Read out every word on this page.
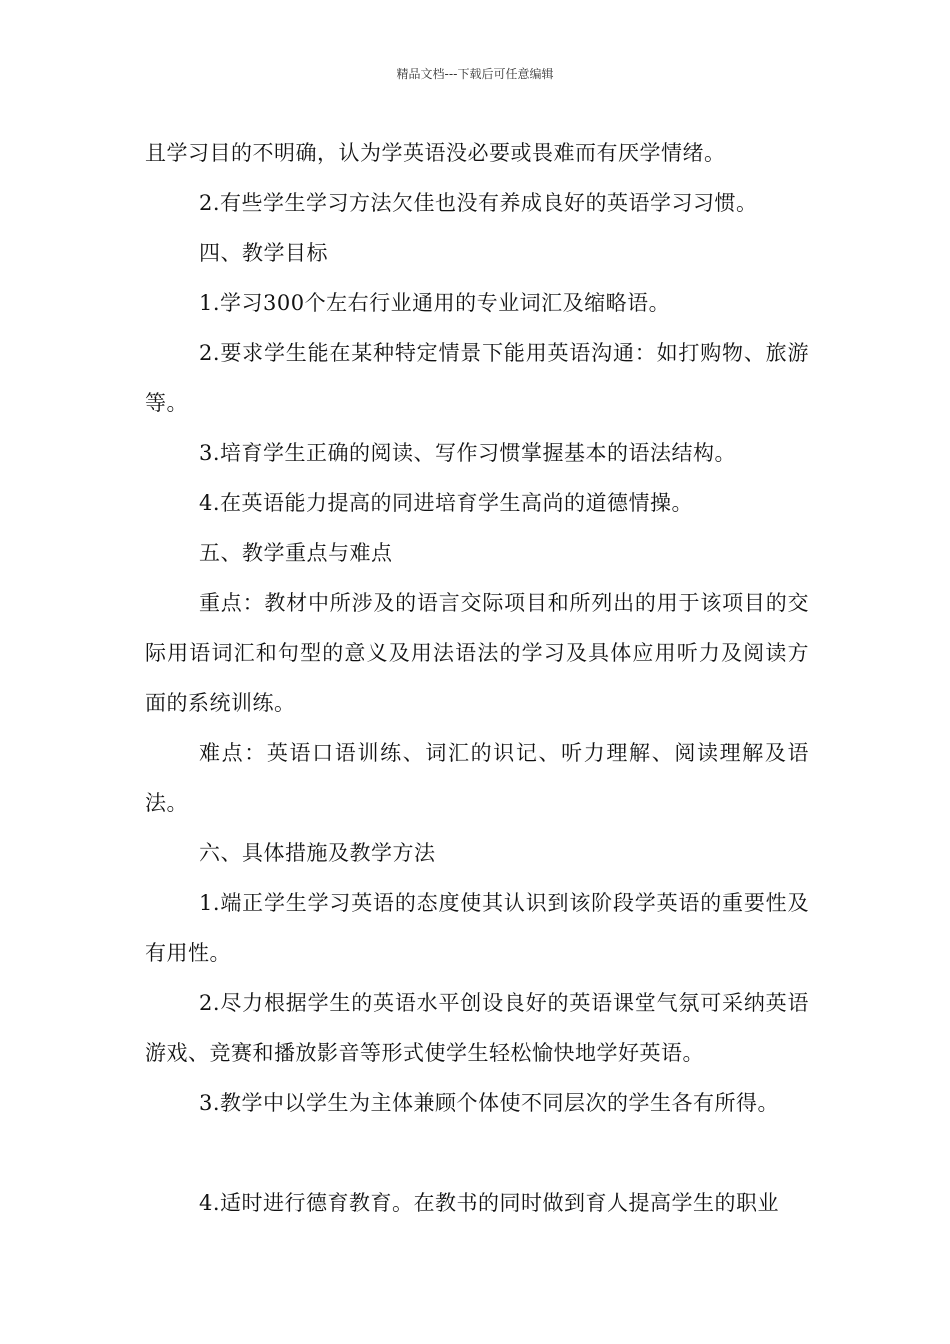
精品文档---下载后可任意编辑

且学习目的不明确，认为学英语没必要或畏难而有厌学情绪。

2.有些学生学习方法欠佳也没有养成良好的英语学习习惯。

四、教学目标

1.学习300个左右行业通用的专业词汇及缩略语。

2.要求学生能在某种特定情景下能用英语沟通：如打购物、旅游等。

3.培育学生正确的阅读、写作习惯掌握基本的语法结构。

4.在英语能力提高的同进培育学生高尚的道德情操。

五、教学重点与难点

重点：教材中所涉及的语言交际项目和所列出的用于该项目的交际用语词汇和句型的意义及用法语法的学习及具体应用听力及阅读方面的系统训练。

难点：英语口语训练、词汇的识记、听力理解、阅读理解及语法。

六、具体措施及教学方法

1.端正学生学习英语的态度使其认识到该阶段学英语的重要性及有用性。

2.尽力根据学生的英语水平创设良好的英语课堂气氛可采纳英语游戏、竞赛和播放影音等形式使学生轻松愉快地学好英语。

3.教学中以学生为主体兼顾个体使不同层次的学生各有所得。

4.适时进行德育教育。在教书的同时做到育人提高学生的职业
